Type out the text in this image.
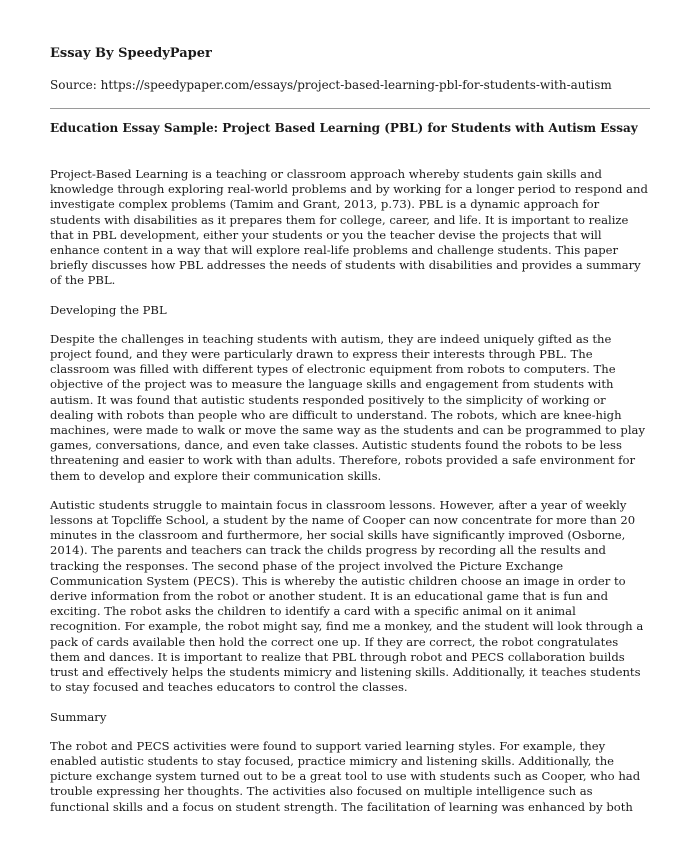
Essay By SpeedyPaper
Source: https://speedypaper.com/essays/project-based-learning-pbl-for-students-with-autism
Education Essay Sample: Project Based Learning (PBL) for Students with Autism Essay

Project-Based Learning is a teaching or classroom approach whereby students gain skills and knowledge through exploring real-world problems and by working for a longer period to respond and investigate complex problems (Tamim and Grant, 2013, p.73). PBL is a dynamic approach for students with disabilities as it prepares them for college, career, and life. It is important to realize that in PBL development, either your students or you the teacher devise the projects that will enhance content in a way that will explore real-life problems and challenge students. This paper briefly discusses how PBL addresses the needs of students with disabilities and provides a summary of the PBL.

Developing the PBL

Despite the challenges in teaching students with autism, they are indeed uniquely gifted as the project found, and they were particularly drawn to express their interests through PBL. The classroom was filled with different types of electronic equipment from robots to computers. The objective of the project was to measure the language skills and engagement from students with autism. It was found that autistic students responded positively to the simplicity of working or dealing with robots than people who are difficult to understand. The robots, which are knee-high machines, were made to walk or move the same way as the students and can be programmed to play games, conversations, dance, and even take classes. Autistic students found the robots to be less threatening and easier to work with than adults. Therefore, robots provided a safe environment for them to develop and explore their communication skills.

Autistic students struggle to maintain focus in classroom lessons. However, after a year of weekly lessons at Topcliffe School, a student by the name of Cooper can now concentrate for more than 20 minutes in the classroom and furthermore, her social skills have significantly improved (Osborne, 2014). The parents and teachers can track the childs progress by recording all the results and tracking the responses. The second phase of the project involved the Picture Exchange Communication System (PECS). This is whereby the autistic children choose an image in order to derive information from the robot or another student. It is an educational game that is fun and exciting. The robot asks the children to identify a card with a specific animal on it animal recognition. For example, the robot might say, find me a monkey, and the student will look through a pack of cards available then hold the correct one up. If they are correct, the robot congratulates them and dances. It is important to realize that PBL through robot and PECS collaboration builds trust and effectively helps the students mimicry and listening skills. Additionally, it teaches students to stay focused and teaches educators to control the classes.

Summary

The robot and PECS activities were found to support varied learning styles. For example, they enabled autistic students to stay focused, practice mimicry and listening skills. Additionally, the picture exchange system turned out to be a great tool to use with students such as Cooper, who had trouble expressing her thoughts. The activities also focused on multiple intelligence such as functional skills and a focus on student strength. The facilitation of learning was enhanced by both
